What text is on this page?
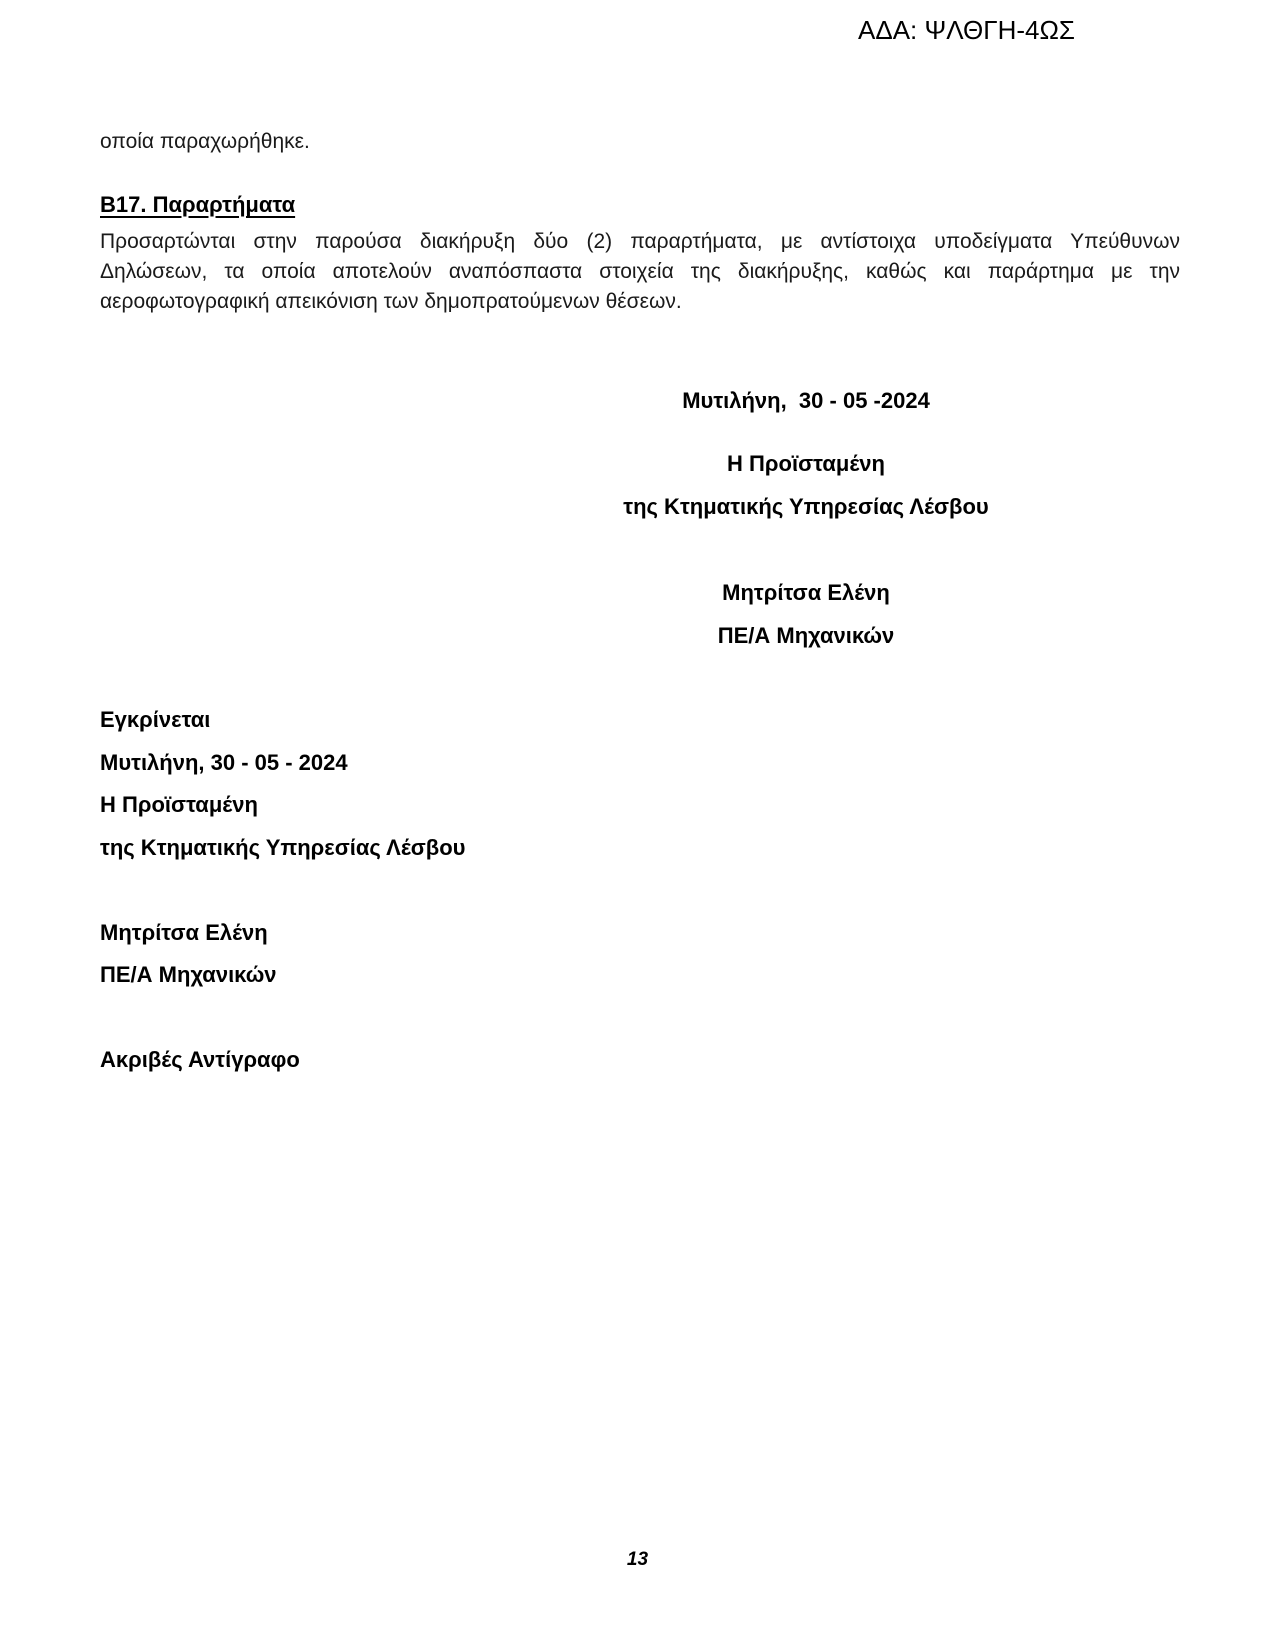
ΑΔΑ: ΨΛΘΓΗ-4ΩΣ
οποία παραχωρήθηκε.
Β17. Παραρτήματα
Προσαρτώνται στην παρούσα διακήρυξη δύο (2) παραρτήματα, με αντίστοιχα υποδείγματα Υπεύθυνων
Δηλώσεων, τα οποία αποτελούν αναπόσπαστα στοιχεία της διακήρυξης, καθώς και παράρτημα με την
αεροφωτογραφική απεικόνιση των δημοπρατούμενων θέσεων.
Μυτιλήνη,  30 - 05 -2024
Η Προϊσταμένη
της Κτηματικής Υπηρεσίας Λέσβου
Μητρίτσα Ελένη
ΠΕ/Α Μηχανικών
Εγκρίνεται
Μυτιλήνη, 30 - 05 - 2024
Η Προϊσταμένη
της Κτηματικής Υπηρεσίας Λέσβου
Μητρίτσα Ελένη
ΠΕ/Α Μηχανικών
Ακριβές Αντίγραφο
13
